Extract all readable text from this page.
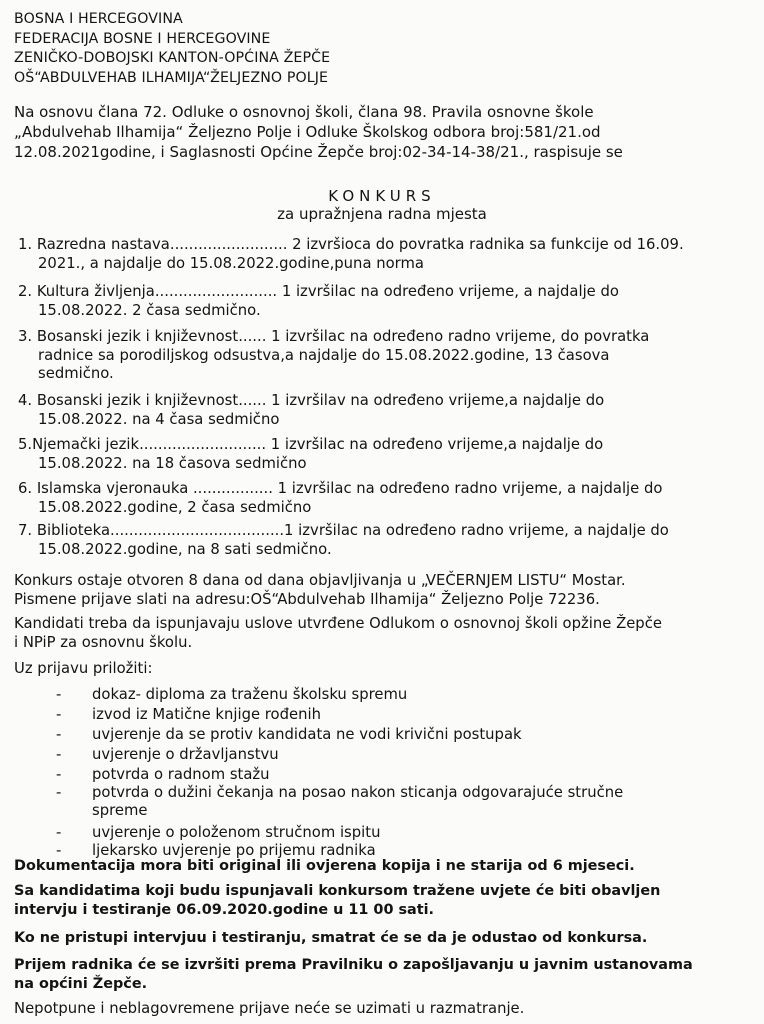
BOSNA I HERCEGOVINA
FEDERACIJA BOSNE I HERCEGOVINE
ZENIČKO-DOBOJSKI KANTON-OPĆINA ŽEPČE
OŠ“ABDULVEHAB ILHAMIJA“ŽELJEZNO POLJE
Na osnovu člana 72. Odluke o osnovnoj školi, člana 98. Pravila osnovne škole
„Abdulvehab Ilhamija“ Željezno Polje i Odluke Školskog odbora broj:581/21.od
12.08.2021godine, i Saglasnosti Općine Žepče broj:02-34-14-38/21., raspisuje se
KONKURS
za upražnjena radna mjesta
1. Razredna nastava......................... 2 izvršioca do povratka radnika sa funkcije od 16.09.
2021., a najdalje do 15.08.2022.godine,puna norma
2. Kultura življenja.......................... 1 izvršilac na određeno vrijeme, a najdalje do
15.08.2022. 2 časa sedmično.
3. Bosanski jezik i književnost...... 1 izvršilac na određeno radno vrijeme, do povratka
radnice sa porodiljskog odsustva,a najdalje do 15.08.2022.godine, 13 časova
sedmično.
4. Bosanski jezik i književnost...... 1 izvršilav na određeno vrijeme,a najdalje do
15.08.2022. na 4 časa sedmično
5.Njemački jezik........................... 1 izvršilac na određeno vrijeme,a najdalje do
15.08.2022. na 18 časova sedmično
6. Islamska vjeronauka ................. 1 izvršilac na određeno radno vrijeme, a najdalje do
15.08.2022.godine, 2 časa sedmično
7. Biblioteka.....................................1 izvršilac na određeno radno vrijeme, a najdalje do
15.08.2022.godine, na 8 sati sedmično.
Konkurs ostaje otvoren 8 dana od dana objavljivanja u „VEČERNJEM LISTU“ Mostar.
Pismene prijave slati na adresu:OŠ“Abdulvehab Ilhamija“ Željezno Polje 72236.
Kandidati treba da ispunjavaju uslove utvrđene Odlukom o osnovnoj školi opžine Žepče
i NPiP za osnovnu školu.
Uz prijavu priložiti:
- dokaz- diploma za traženu školsku spremu
- izvod iz Matične knjige rođenih
- uvjerenje da se protiv kandidata ne vodi krivični postupak
- uvjerenje o državljanstvu
- potvrda o radnom stažu
- potvrda o dužini čekanja na posao nakon sticanja odgovarajuće stručne
spreme
- uvjerenje o položenom stručnom ispitu
- ljekarsko uvjerenje po prijemu radnika
Dokumentacija mora biti original ili ovjerena kopija i ne starija od 6 mjeseci.
Sa kandidatima koji budu ispunjavali konkursom tražene uvjete će biti obavljen
intervju i testiranje 06.09.2020.godine u 11 00 sati.
Ko ne pristupi intervjuu i testiranju, smatrat će se da je odustao od konkursa.
Prijem radnika će se izvršiti prema Pravilniku o zapošljavanju u javnim ustanovama
na općini Žepče.
Nepotpune i neblagovremene prijave neće se uzimati u razmatranje.
